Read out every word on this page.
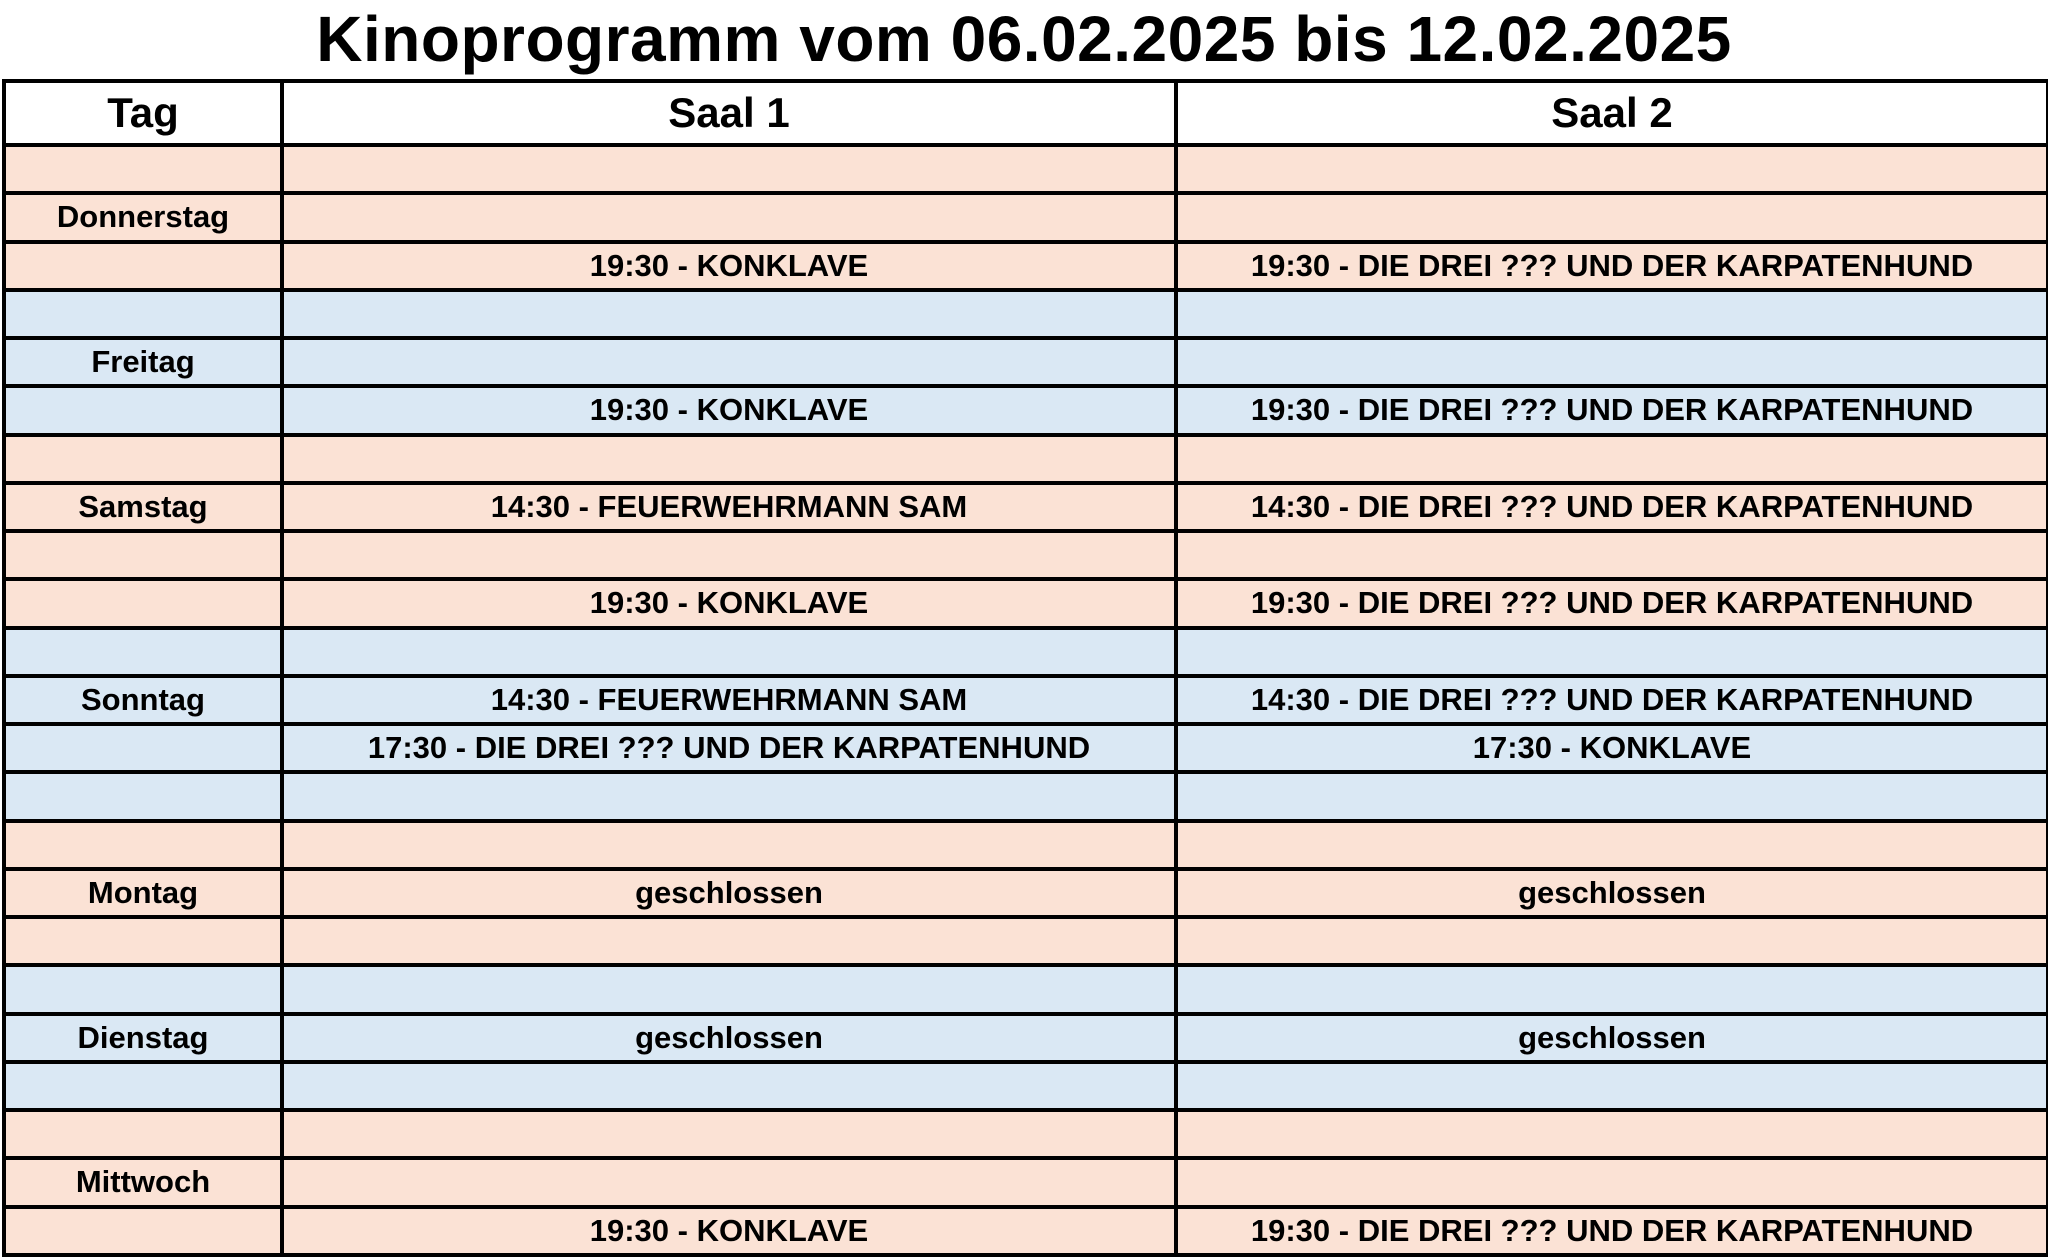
Kinoprogramm vom 06.02.2025 bis 12.02.2025
Tag	Saal 1	Saal 2

Donnerstag		
	19:30 - KONKLAVE	19:30 - DIE DREI ??? UND DER KARPATENHUND

Freitag		
	19:30 - KONKLAVE	19:30 - DIE DREI ??? UND DER KARPATENHUND

Samstag	14:30 - FEUERWEHRMANN SAM	14:30 - DIE DREI ??? UND DER KARPATENHUND

	19:30 - KONKLAVE	19:30 - DIE DREI ??? UND DER KARPATENHUND

Sonntag	14:30 - FEUERWEHRMANN SAM	14:30 - DIE DREI ??? UND DER KARPATENHUND
	17:30 - DIE DREI ??? UND DER KARPATENHUND	17:30 - KONKLAVE

Montag	geschlossen	geschlossen

Dienstag	geschlossen	geschlossen

Mittwoch		
	19:30 - KONKLAVE	19:30 - DIE DREI ??? UND DER KARPATENHUND
